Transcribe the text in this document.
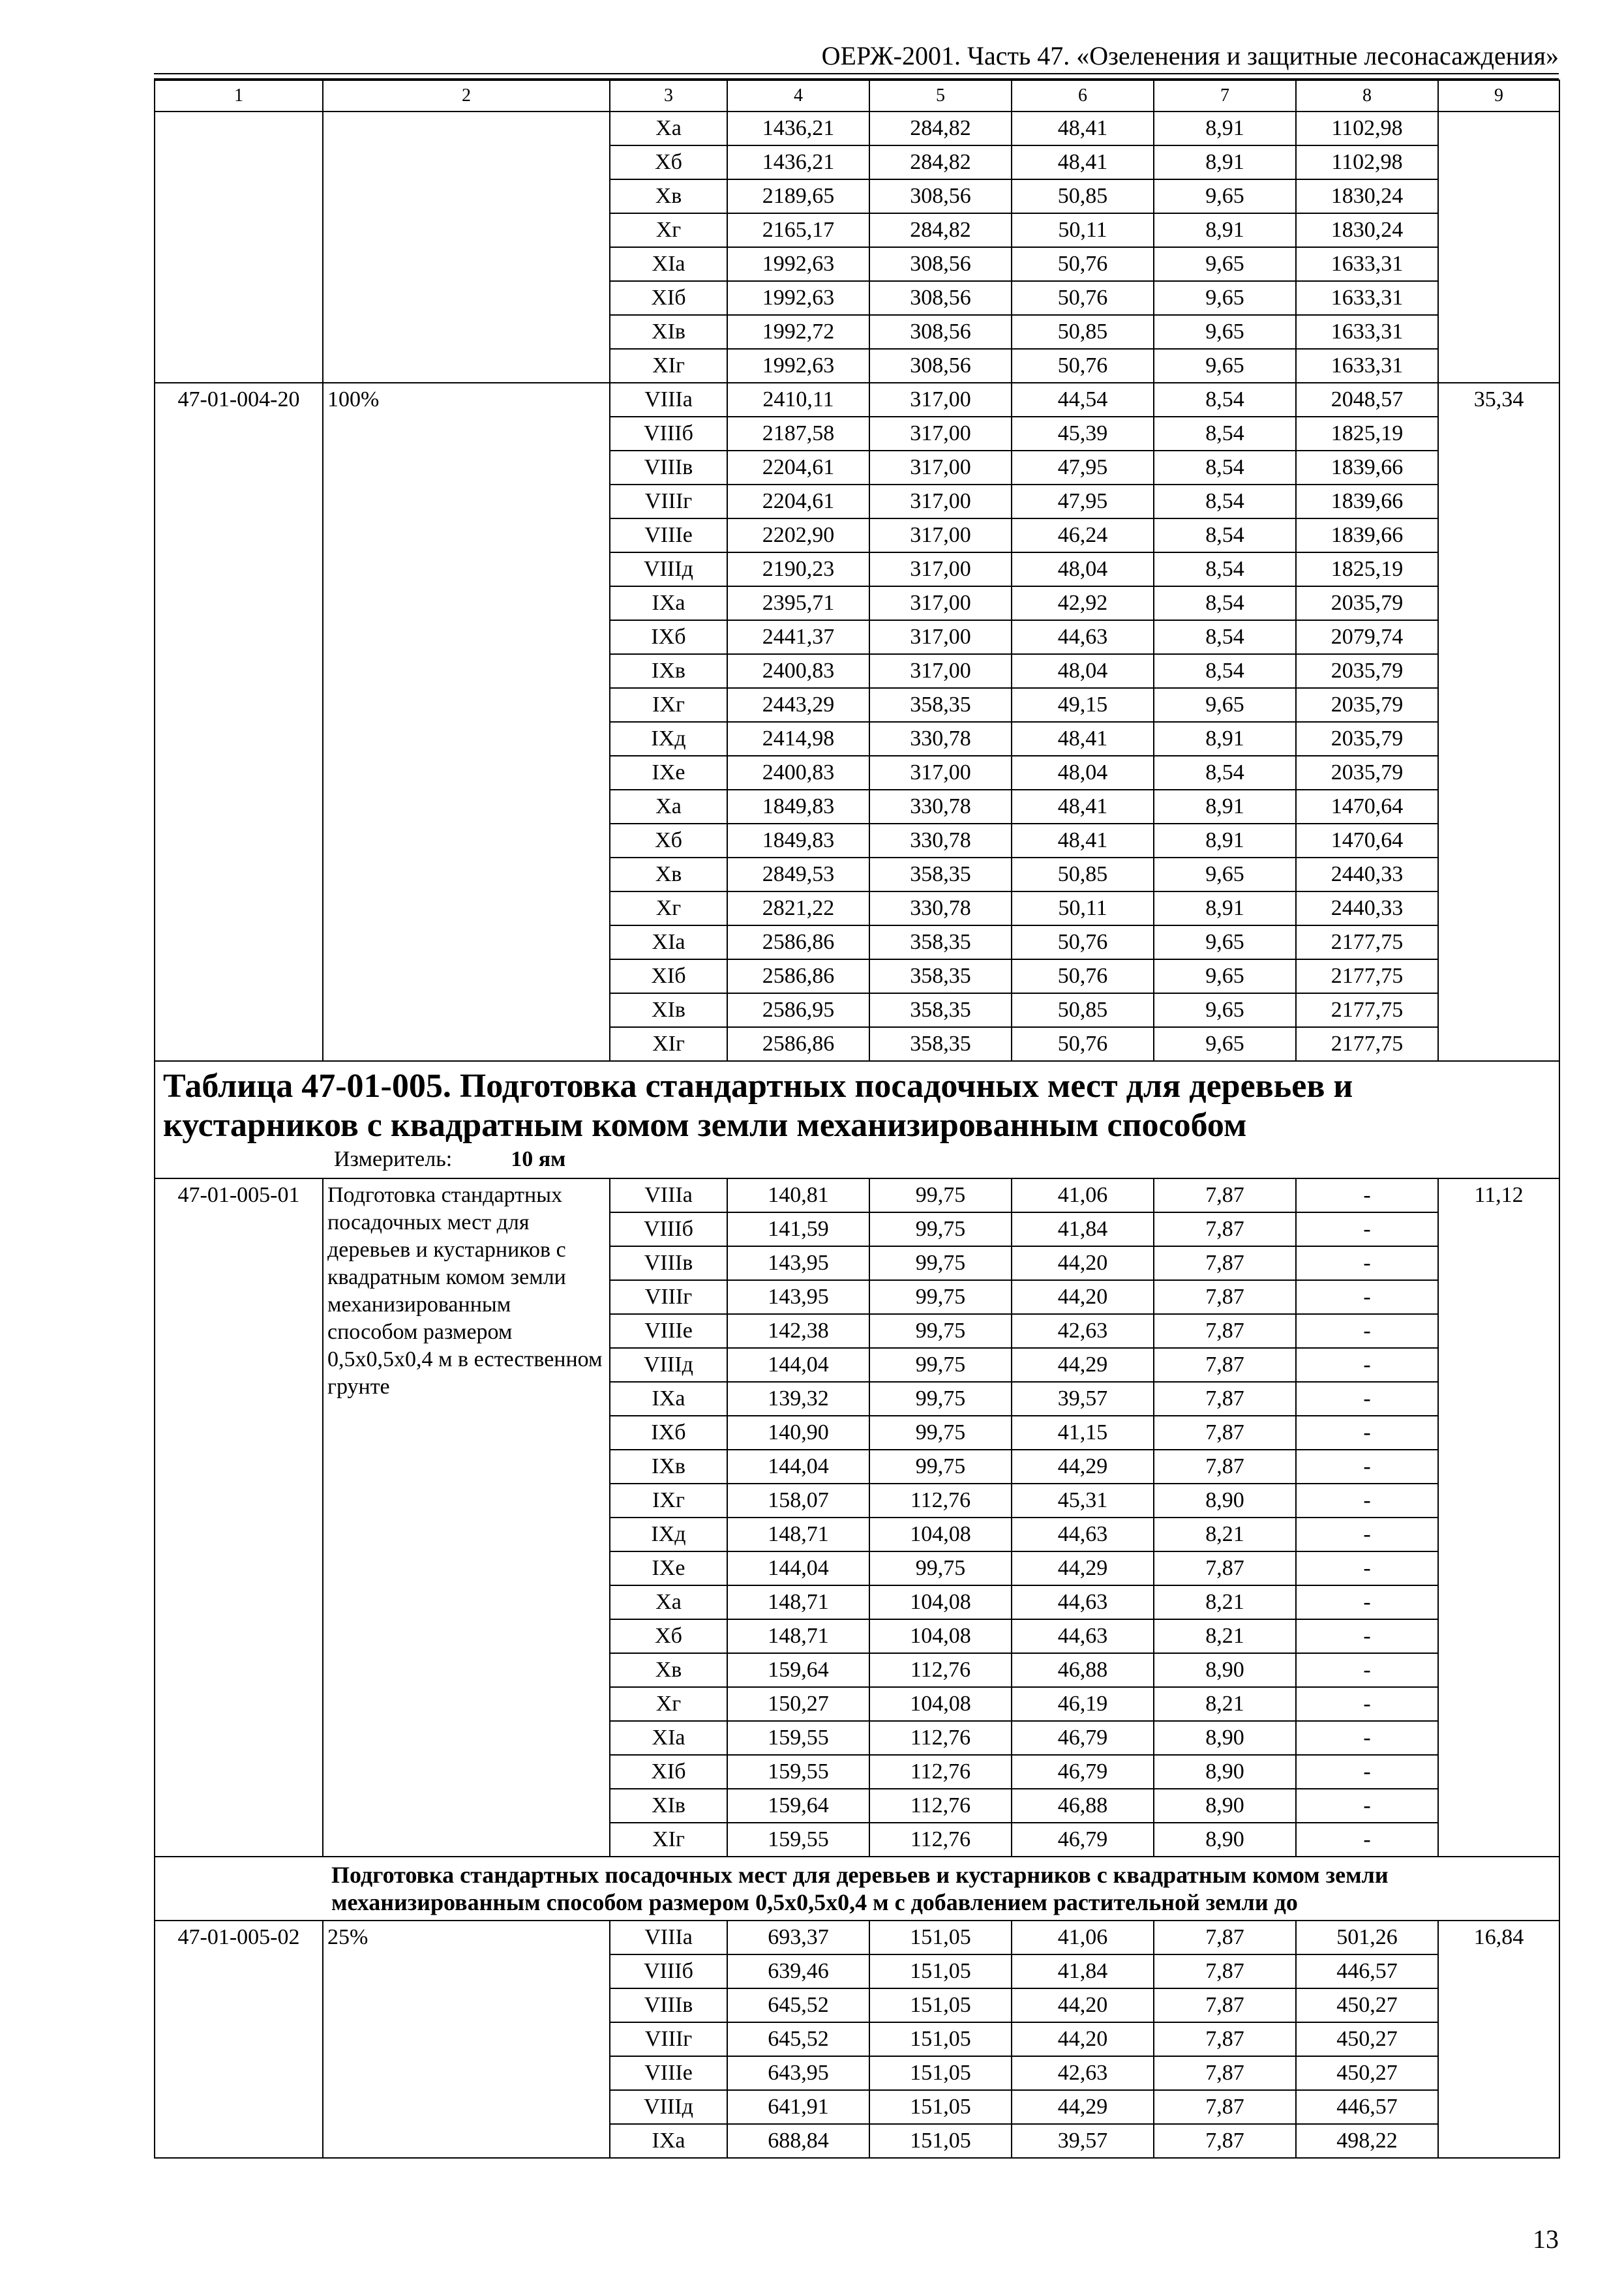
ОЕРЖ-2001. Часть 47. «Озеленения и защитные лесонасаждения»
1	2	3	4	5	6	7	8	9
		Xа	1436,21	284,82	48,41	8,91	1102,98	
		Xб	1436,21	284,82	48,41	8,91	1102,98	
		Xв	2189,65	308,56	50,85	9,65	1830,24	
		Xг	2165,17	284,82	50,11	8,91	1830,24	
		XIа	1992,63	308,56	50,76	9,65	1633,31	
		XIб	1992,63	308,56	50,76	9,65	1633,31	
		XIв	1992,72	308,56	50,85	9,65	1633,31	
		XIг	1992,63	308,56	50,76	9,65	1633,31	
47-01-004-20	100%	VIIIа	2410,11	317,00	44,54	8,54	2048,57	35,34
		VIIIб	2187,58	317,00	45,39	8,54	1825,19	
		VIIIв	2204,61	317,00	47,95	8,54	1839,66	
		VIIIг	2204,61	317,00	47,95	8,54	1839,66	
		VIIIе	2202,90	317,00	46,24	8,54	1839,66	
		VIIIд	2190,23	317,00	48,04	8,54	1825,19	
		IXа	2395,71	317,00	42,92	8,54	2035,79	
		IXб	2441,37	317,00	44,63	8,54	2079,74	
		IXв	2400,83	317,00	48,04	8,54	2035,79	
		IXг	2443,29	358,35	49,15	9,65	2035,79	
		IXд	2414,98	330,78	48,41	8,91	2035,79	
		IXе	2400,83	317,00	48,04	8,54	2035,79	
		Xа	1849,83	330,78	48,41	8,91	1470,64	
		Xб	1849,83	330,78	48,41	8,91	1470,64	
		Xв	2849,53	358,35	50,85	9,65	2440,33	
		Xг	2821,22	330,78	50,11	8,91	2440,33	
		XIа	2586,86	358,35	50,76	9,65	2177,75	
		XIб	2586,86	358,35	50,76	9,65	2177,75	
		XIв	2586,95	358,35	50,85	9,65	2177,75	
		XIг	2586,86	358,35	50,76	9,65	2177,75	

Таблица 47-01-005. Подготовка стандартных посадочных мест для деревьев и кустарников с квадратным комом земли механизированным способом
Измеритель: 10 ям								

47-01-005-01	Подготовка стандартных посадочных мест для деревьев и кустарников с квадратным комом земли механизированным способом размером 0,5х0,5х0,4 м в естественном грунте	VIIIа	140,81	99,75	41,06	7,87	-	11,12
		VIIIб	141,59	99,75	41,84	7,87	-	
		VIIIв	143,95	99,75	44,20	7,87	-	
		VIIIг	143,95	99,75	44,20	7,87	-	
		VIIIе	142,38	99,75	42,63	7,87	-	
		VIIIд	144,04	99,75	44,29	7,87	-	
		IXа	139,32	99,75	39,57	7,87	-	
		IXб	140,90	99,75	41,15	7,87	-	
		IXв	144,04	99,75	44,29	7,87	-	
		IXг	158,07	112,76	45,31	8,90	-	
		IXд	148,71	104,08	44,63	8,21	-	
		IXе	144,04	99,75	44,29	7,87	-	
		Xа	148,71	104,08	44,63	8,21	-	
		Xб	148,71	104,08	44,63	8,21	-	
		Xв	159,64	112,76	46,88	8,90	-	
		Xг	150,27	104,08	46,19	8,21	-	
		XIа	159,55	112,76	46,79	8,90	-	
		XIб	159,55	112,76	46,79	8,90	-	
		XIв	159,64	112,76	46,88	8,90	-	
		XIг	159,55	112,76	46,79	8,90	-	
Подготовка стандартных посадочных мест для деревьев и кустарников с квадратным комом земли механизированным способом размером 0,5х0,5х0,4 м с добавлением растительной земли до								
47-01-005-02	25%	VIIIа	693,37	151,05	41,06	7,87	501,26	16,84
		VIIIб	639,46	151,05	41,84	7,87	446,57	
		VIIIв	645,52	151,05	44,20	7,87	450,27	
		VIIIг	645,52	151,05	44,20	7,87	450,27	
		VIIIе	643,95	151,05	42,63	7,87	450,27	
		VIIIд	641,91	151,05	44,29	7,87	446,57	
		IXа	688,84	151,05	39,57	7,87	498,22	
13
